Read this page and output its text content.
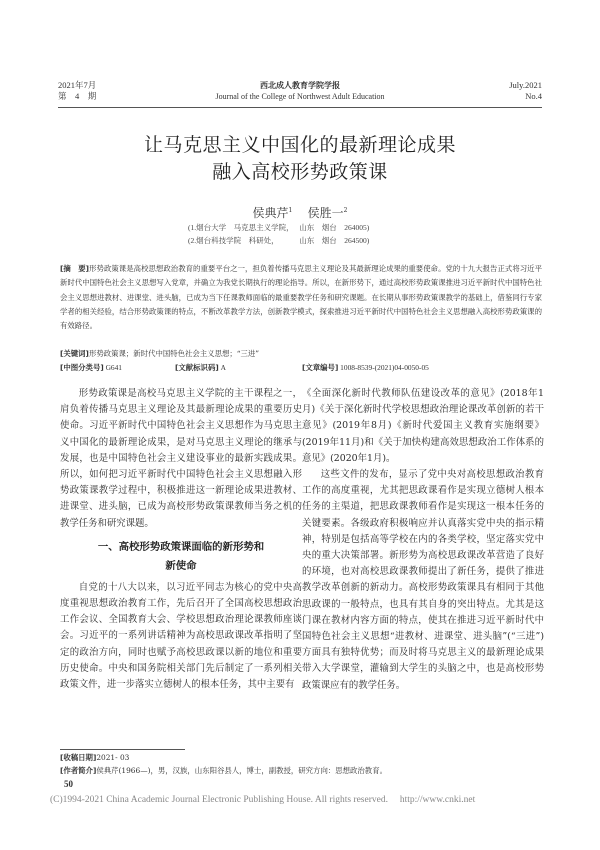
2021年7月
第　4　期
西北成人教育学院学报
Journal of the College of Northwest Adult Education
July.2021
No.4
让马克思主义中国化的最新理论成果
融入高校形势政策课
侯典芹$^1$ 侯胜一$^2$
(1.烟台大学　马克思主义学院，　 山东　烟台　264005)
(2.烟台科技学院　科研处，　　　 山东　烟台　264500)
[摘　要]形势政策课是高校思想政治教育的重要平台之一，担负着传播马克思主义理论及其最新理论成果的重要使命。党的十九大报告正式将习近平新时代中国特色社会主义思想写入党章，并确立为我党长期执行的理论指导。所以，在新形势下，通过高校形势政策课推进习近平新时代中国特色社会主义思想进教材、进课堂、进头脑，已成为当下任课教师面临的最重要教学任务和研究课题。在长期从事形势政策课教学的基础上，借鉴同行专家学者的相关经验，结合形势政策课的特点，不断改革教学方法，创新教学模式，探索推进习近平新时代中国特色社会主义思想融入高校形势政策课的有效路径。
[关键词]形势政策课；新时代中国特色社会主义思想；“三进”
[中图分类号] G641	[文献标识码] A	[文章编号] 1008-8539-(2021)04-0050-05

形势政策课是高校马克思主义学院的主干课程之一，肩负着传播马克思主义理论及其最新理论成果的重要历史使命。习近平新时代中国特色社会主义思想作为马克思主义中国化的最新理论成果，是对马克思主义理论的继承与发展，也是中国特色社会主义建设事业的最新实践成果。所以，如何把习近平新时代中国特色社会主义思想融入形势政策课教学过程中，积极推进这一新理论成果进教材、进课堂、进头脑，已成为高校形势政策课教师当务之机的教学任务和研究课题。

一、高校形势政策课面临的新形势和
新使命

自党的十八大以来，以习近平同志为核心的党中央高度重视思想政治教育工作，先后召开了全国高校思想政治工作会议、全国教育大会、学校思想政治理论课教师座谈会。习近平的一系列讲话精神为高校思政课改革指明了坚定的政治方向，同时也赋予高校思政课以新的地位和重要历史使命。中央和国务院相关部门先后制定了一系列相关政策文件，进一步落实立德树人的根本任务，其中主要有

《全面深化新时代教师队伍建设改革的意见》(2018年1月)《关于深化新时代学校思想政治理论课改革创新的若干意见》(2019年8月)《新时代爱国主义教育实施纲要》(2019年11月)和《关于加快构建高效思想政治工作体系的意见》(2020年1月)。

这些文件的发布，显示了党中央对高校思想政治教育工作的高度重视，尤其把思政课看作是实现立德树人根本任务的主渠道，把思政课教师看作是实现这一根本任务的关键要素。各级政府积极响应并认真落实党中央的指示精神，特别是包括高等学校在内的各类学校，坚定落实党中央的重大决策部署。新形势为高校思政课改革营造了良好的环境，也对高校思政课教师提出了新任务，提供了推进教学改革创新的新动力。高校形势政策课具有相同于其他思政课的一般特点，也具有其自身的突出特点。尤其是这门课在教材内容方面的特点，使其在推进习近平新时代中国特色社会主义思想“进教材、进课堂、进头脑”(“三进”)方面具有独特优势；而及时将马克思主义的最新理论成果带入大学课堂，灌输到大学生的头脑之中，也是高校形势政策课应有的教学任务。

[收稿日期]2021- 03
[作者简介]侯典芹(1966—)，男，汉族，山东阳谷县人，博士，副教授，研究方向：思想政治教育。
50
(C)1994-2021 China Academic Journal Electronic Publishing House. All rights reserved.　 http://www.cnki.net
